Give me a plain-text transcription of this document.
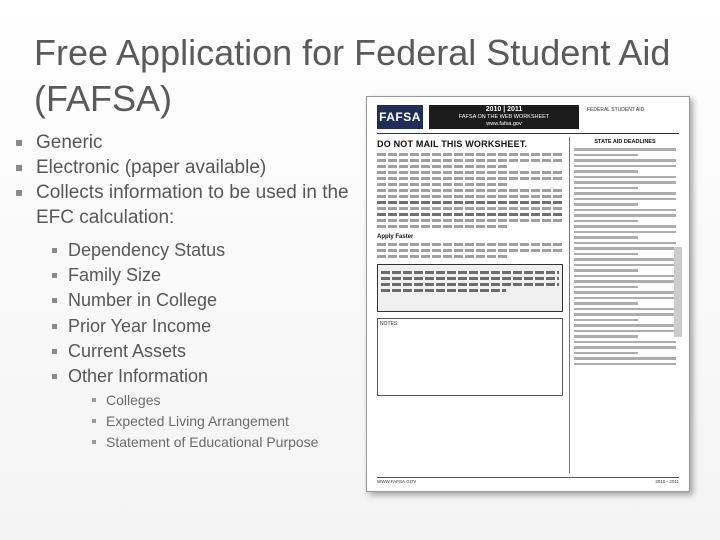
Free Application for Federal Student Aid (FAFSA)
Generic
Electronic (paper available)
Collects information to be used in the EFC calculation:
Dependency Status
Family Size
Number in College
Prior Year Income
Current Assets
Other Information
Colleges
Expected Living Arrangement
Statement of Educational Purpose
FAFSA
2010 | 2011
FAFSA ON THE WEB WORKSHEET
www.fafsa.gov
FEDERAL STUDENT AID
DO NOT MAIL THIS WORKSHEET.
Apply Faster
NOTES:
STATE AID DEADLINES
WWW.FAFSA.GOV	2010 - 2011
